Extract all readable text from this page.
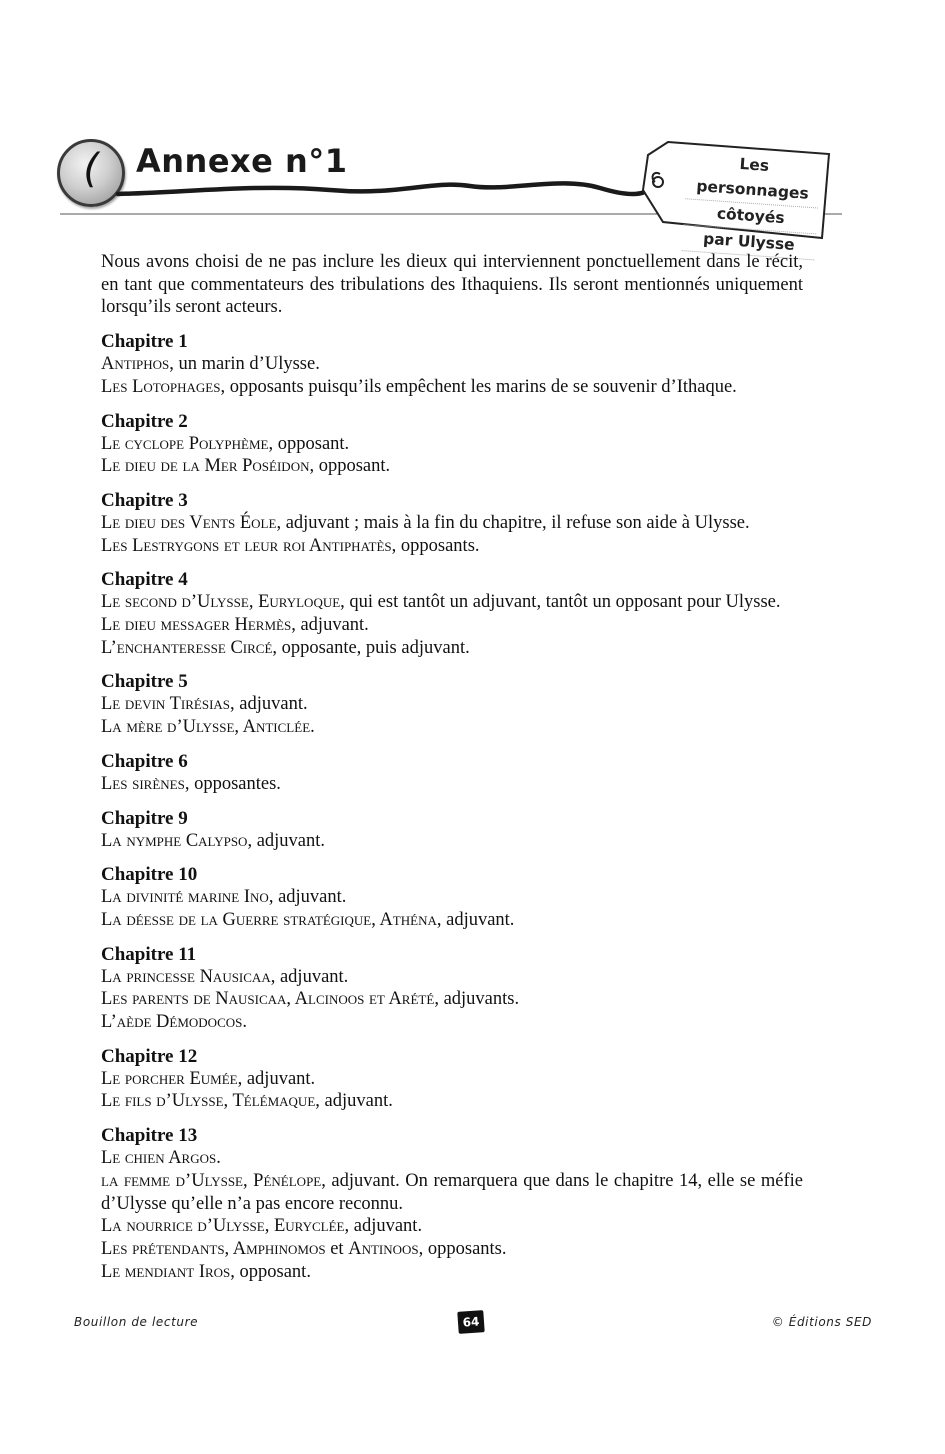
(	Annexe n°1	Les personnages
côtoyés
par Ulysse

Nous avons choisi de ne pas inclure les dieux qui interviennent ponctuellement dans le récit, en tant que commentateurs des tribulations des Ithaquiens. Ils seront mentionnés uniquement lorsqu’ils seront acteurs.

Chapitre 1
Antiphos, un marin d’Ulysse.
Les Lotophages, opposants puisqu’ils empêchent les marins de se souvenir d’Ithaque.
Chapitre 2
Le cyclope Polyphème, opposant.
Le dieu de la Mer Poséidon, opposant.
Chapitre 3
Le dieu des Vents Éole, adjuvant ; mais à la fin du chapitre, il refuse son aide à Ulysse.
Les Lestrygons et leur roi Antiphatès, opposants.
Chapitre 4
Le second d’Ulysse, Euryloque, qui est tantôt un adjuvant, tantôt un opposant pour Ulysse.
Le dieu messager Hermès, adjuvant.
L’enchanteresse Circé, opposante, puis adjuvant.
Chapitre 5
Le devin Tirésias, adjuvant.
La mère d’Ulysse, Anticlée.
Chapitre 6
Les sirènes, opposantes.
Chapitre 9
La nymphe Calypso, adjuvant.
Chapitre 10
La divinité marine Ino, adjuvant.
La déesse de la Guerre stratégique, Athéna, adjuvant.
Chapitre 11
La princesse Nausicaa, adjuvant.
Les parents de Nausicaa, Alcinoos et Arété, adjuvants.
L’aède Démodocos.
Chapitre 12
Le porcher Eumée, adjuvant.
Le fils d’Ulysse, Télémaque, adjuvant.
Chapitre 13
Le chien Argos.
la femme d’Ulysse, Pénélope, adjuvant. On remarquera que dans le chapitre 14, elle se méfie d’Ulysse qu’elle n’a pas encore reconnu.
La nourrice d’Ulysse, Euryclée, adjuvant.
Les prétendants, Amphinomos et Antinoos, opposants.
Le mendiant Iros, opposant.
Bouillon de lecture	64	© Éditions SED
